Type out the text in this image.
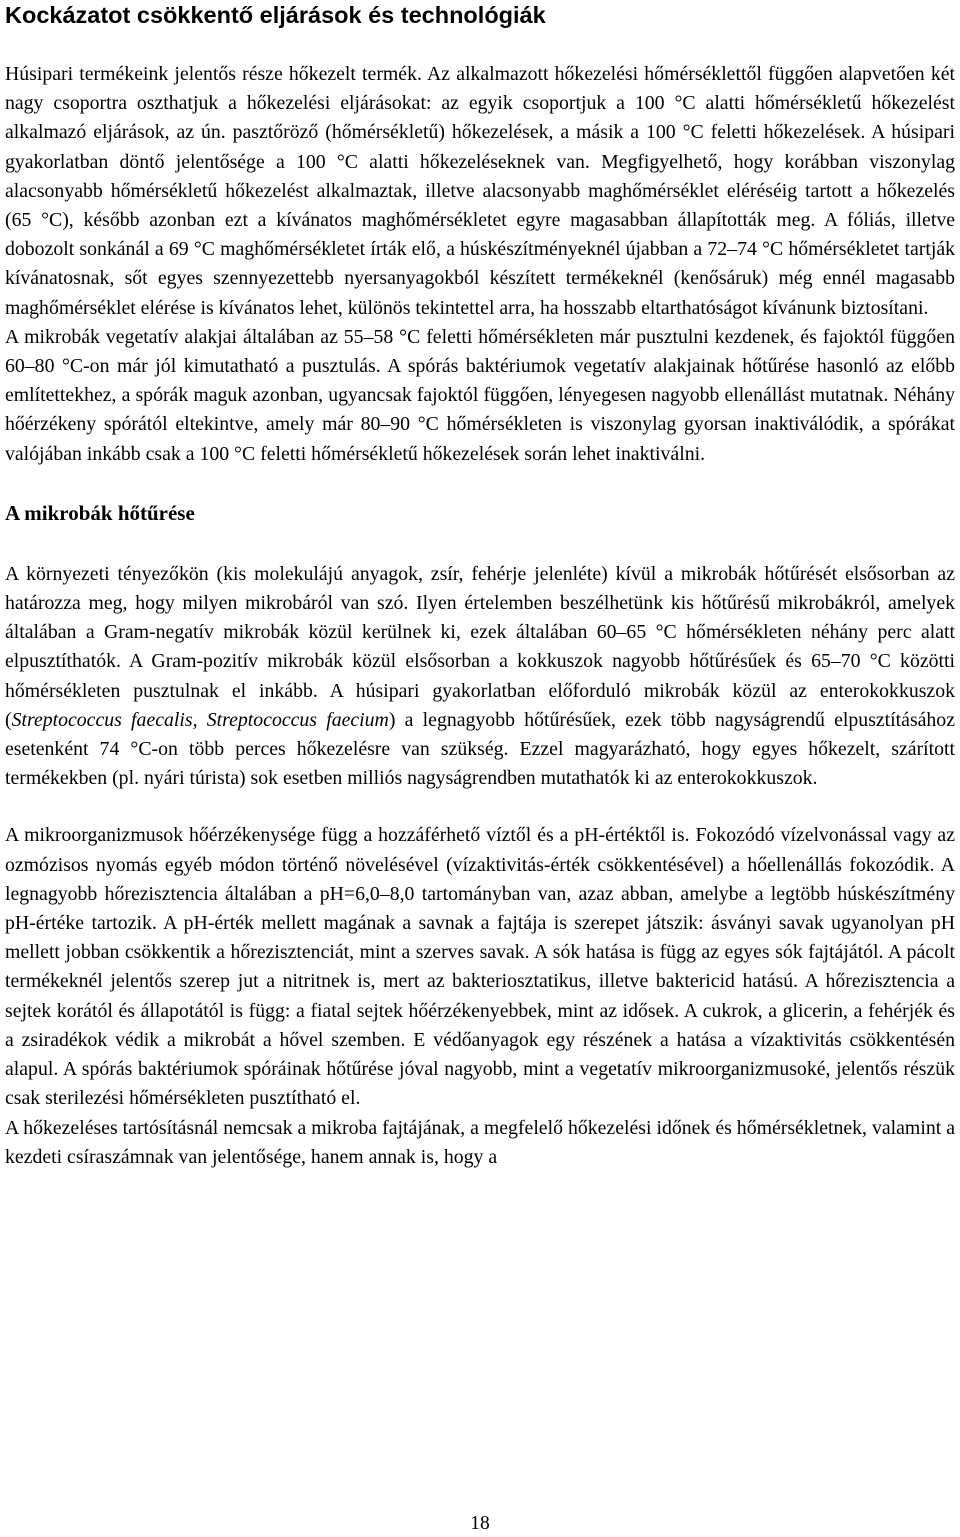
Kockázatot csökkentő eljárások és technológiák

Húsipari termékeink jelentős része hőkezelt termék. Az alkalmazott hőkezelési hőmérséklettől függően alapvetően két nagy csoportra oszthatjuk a hőkezelési eljárásokat: az egyik csoportjuk a 100 °C alatti hőmérsékletű hőkezelést alkalmazó eljárások, az ún. pasztőröző (hőmérsékletű) hőkezelések, a másik a 100 °C feletti hőkezelések. A húsipari gyakorlatban döntő jelentősége a 100 °C alatti hőkezeléseknek van. Megfigyelhető, hogy korábban viszonylag alacsonyabb hőmérsékletű hőkezelést alkalmaztak, illetve alacsonyabb maghőmérséklet eléréséig tartott a hőkezelés (65 °C), később azonban ezt a kívánatos maghőmérsékletet egyre magasabban állapították meg. A fóliás, illetve dobozolt sonkánál a 69 °C maghőmérsékletet írták elő, a húskészítményeknél újabban a 72–74 °C hőmérsékletet tartják kívánatosnak, sőt egyes szennyezettebb nyersanyagokból készített termékeknél (kenősáruk) még ennél magasabb maghőmérséklet elérése is kívánatos lehet, különös tekintettel arra, ha hosszabb eltarthatóságot kívánunk biztosítani.

A mikrobák vegetatív alakjai általában az 55–58 °C feletti hőmérsékleten már pusztulni kezdenek, és fajoktól függően 60–80 °C-on már jól kimutatható a pusztulás. A spórás baktériumok vegetatív alakjainak hőtűrése hasonló az előbb említettekhez, a spórák maguk azonban, ugyancsak fajoktól függően, lényegesen nagyobb ellenállást mutatnak. Néhány hőérzékeny spórától eltekintve, amely már 80–90 °C hőmérsékleten is viszonylag gyorsan inaktiválódik, a spórákat valójában inkább csak a 100 °C feletti hőmérsékletű hőkezelések során lehet inaktiválni.

A mikrobák hőtűrése

A környezeti tényezőkön (kis molekulájú anyagok, zsír, fehérje jelenléte) kívül a mikrobák hőtűrését elsősorban az határozza meg, hogy milyen mikrobáról van szó. Ilyen értelemben beszélhetünk kis hőtűrésű mikrobákról, amelyek általában a Gram-negatív mikrobák közül kerülnek ki, ezek általában 60–65 °C hőmérsékleten néhány perc alatt elpusztíthatók. A Gram-pozitív mikrobák közül elsősorban a kokkuszok nagyobb hőtűrésűek és 65–70 °C közötti hőmérsékleten pusztulnak el inkább. A húsipari gyakorlatban előforduló mikrobák közül az enterokokkuszok (Streptococcus faecalis, Streptococcus faecium) a legnagyobb hőtűrésűek, ezek több nagyságrendű elpusztításához esetenként 74 °C-on több perces hőkezelésre van szükség. Ezzel magyarázható, hogy egyes hőkezelt, szárított termékekben (pl. nyári túrista) sok esetben milliós nagyságrendben mutathatók ki az enterokokkuszok.

A mikroorganizmusok hőérzékenysége függ a hozzáférhető víztől és a pH-értéktől is. Fokozódó vízelvonással vagy az ozmózisos nyomás egyéb módon történő növelésével (vízaktivitás-érték csökkentésével) a hőellenállás fokozódik. A legnagyobb hőrezisztencia általában a pH=6,0–8,0 tartományban van, azaz abban, amelybe a legtöbb húskészítmény pH-értéke tartozik. A pH-érték mellett magának a savnak a fajtája is szerepet játszik: ásványi savak ugyanolyan pH mellett jobban csökkentik a hőrezisztenciát, mint a szerves savak. A sók hatása is függ az egyes sók fajtájától. A pácolt termékeknél jelentős szerep jut a nitritnek is, mert az bakteriosztatikus, illetve baktericid hatású. A hőrezisztencia a sejtek korától és állapotától is függ: a fiatal sejtek hőérzékenyebbek, mint az idősek. A cukrok, a glicerin, a fehérjék és a zsiradékok védik a mikrobát a hővel szemben. E védőanyagok egy részének a hatása a vízaktivitás csökkentésén alapul. A spórás baktériumok spóráinak hőtűrése jóval nagyobb, mint a vegetatív mikroorganizmusoké, jelentős részük csak sterilezési hőmérsékleten pusztítható el.

A hőkezeléses tartósításnál nemcsak a mikroba fajtájának, a megfelelő hőkezelési időnek és hőmérsékletnek, valamint a kezdeti csíraszámnak van jelentősége, hanem annak is, hogy a

18
